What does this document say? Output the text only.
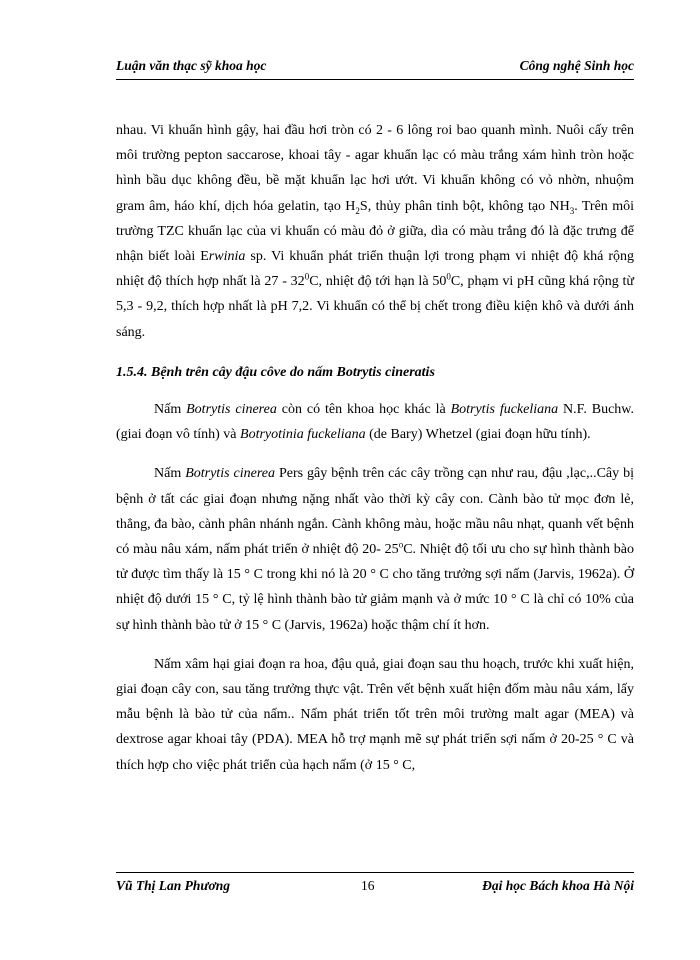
Luận văn thạc sỹ khoa học	Công nghệ Sinh học

nhau. Vi khuẩn hình gậy, hai đầu hơi tròn có 2 - 6 lông roi bao quanh mình. Nuôi cấy trên môi trường pepton saccarose, khoai tây - agar khuẩn lạc có màu trắng xám hình tròn hoặc hình bầu dục không đều, bề mặt khuẩn lạc hơi ướt. Vi khuẩn không có vỏ nhờn, nhuộm gram âm, háo khí, dịch hóa gelatin, tạo $H_2S$, thủy phân tinh bột, không tạo $NH_3$. Trên môi trường TZC khuẩn lạc của vi khuẩn có màu đỏ ở giữa, dìa có màu trắng đó là đặc trưng để nhận biết loài Erwinia sp. Vi khuẩn phát triển thuận lợi trong phạm vi nhiệt độ khá rộng nhiệt độ thích hợp nhất là $27 - 32^0C$, nhiệt độ tới hạn là $50^0C$, phạm vi pH cũng khá rộng từ 5,3 - 9,2, thích hợp nhất là pH 7,2. Vi khuẩn có thể bị chết trong điều kiện khô và dưới ánh sáng.

1.5.4. Bệnh trên cây đậu côve do nấm Botrytis cineratis

Nấm Botrytis cinerea còn có tên khoa học khác là Botrytis fuckeliana N.F. Buchw. (giai đoạn vô tính) và Botryotinia fuckeliana (de Bary) Whetzel (giai đoạn hữu tính).

Nấm Botrytis cinerea Pers gây bệnh trên các cây trồng cạn như rau, đậu ,lạc,..Cây bị bệnh ở tất các giai đoạn nhưng nặng nhất vào thời kỳ cây con. Cành bào tử mọc đơn lẻ, thẳng, đa bào, cành phân nhánh ngắn. Cành không màu, hoặc mầu nâu nhạt, quanh vết bệnh có màu nâu xám, nấm phát triển ở nhiệt độ 20- 25$^o$C. Nhiệt độ tối ưu cho sự hình thành bào tử được tìm thấy là 15 ° C trong khi nó là 20 ° C cho tăng trưởng sợi nấm (Jarvis, 1962a). Ở nhiệt độ dưới 15 ° C, tỷ lệ hình thành bào tử giảm mạnh và ở mức 10 ° C là chỉ có 10% của sự hình thành bào tử ở 15 ° C (Jarvis, 1962a) hoặc thậm chí ít hơn.

Nấm xâm hại giai đoạn ra hoa, đậu quả, giai đoạn sau thu hoạch, trước khi xuất hiện, giai đoạn cây con, sau tăng trưởng thực vật. Trên vết bệnh xuất hiện đốm màu nâu xám, lấy mẫu bệnh là bào tử của nấm.. Nấm phát triển tốt trên môi trường malt agar (MEA) và dextrose agar khoai tây (PDA). MEA hỗ trợ mạnh mẽ sự phát triển sợi nấm ở 20-25 ° C và thích hợp cho việc phát triển của hạch nấm (ở 15 ° C,

Vũ Thị Lan Phương	16	Đại học Bách khoa Hà Nội
